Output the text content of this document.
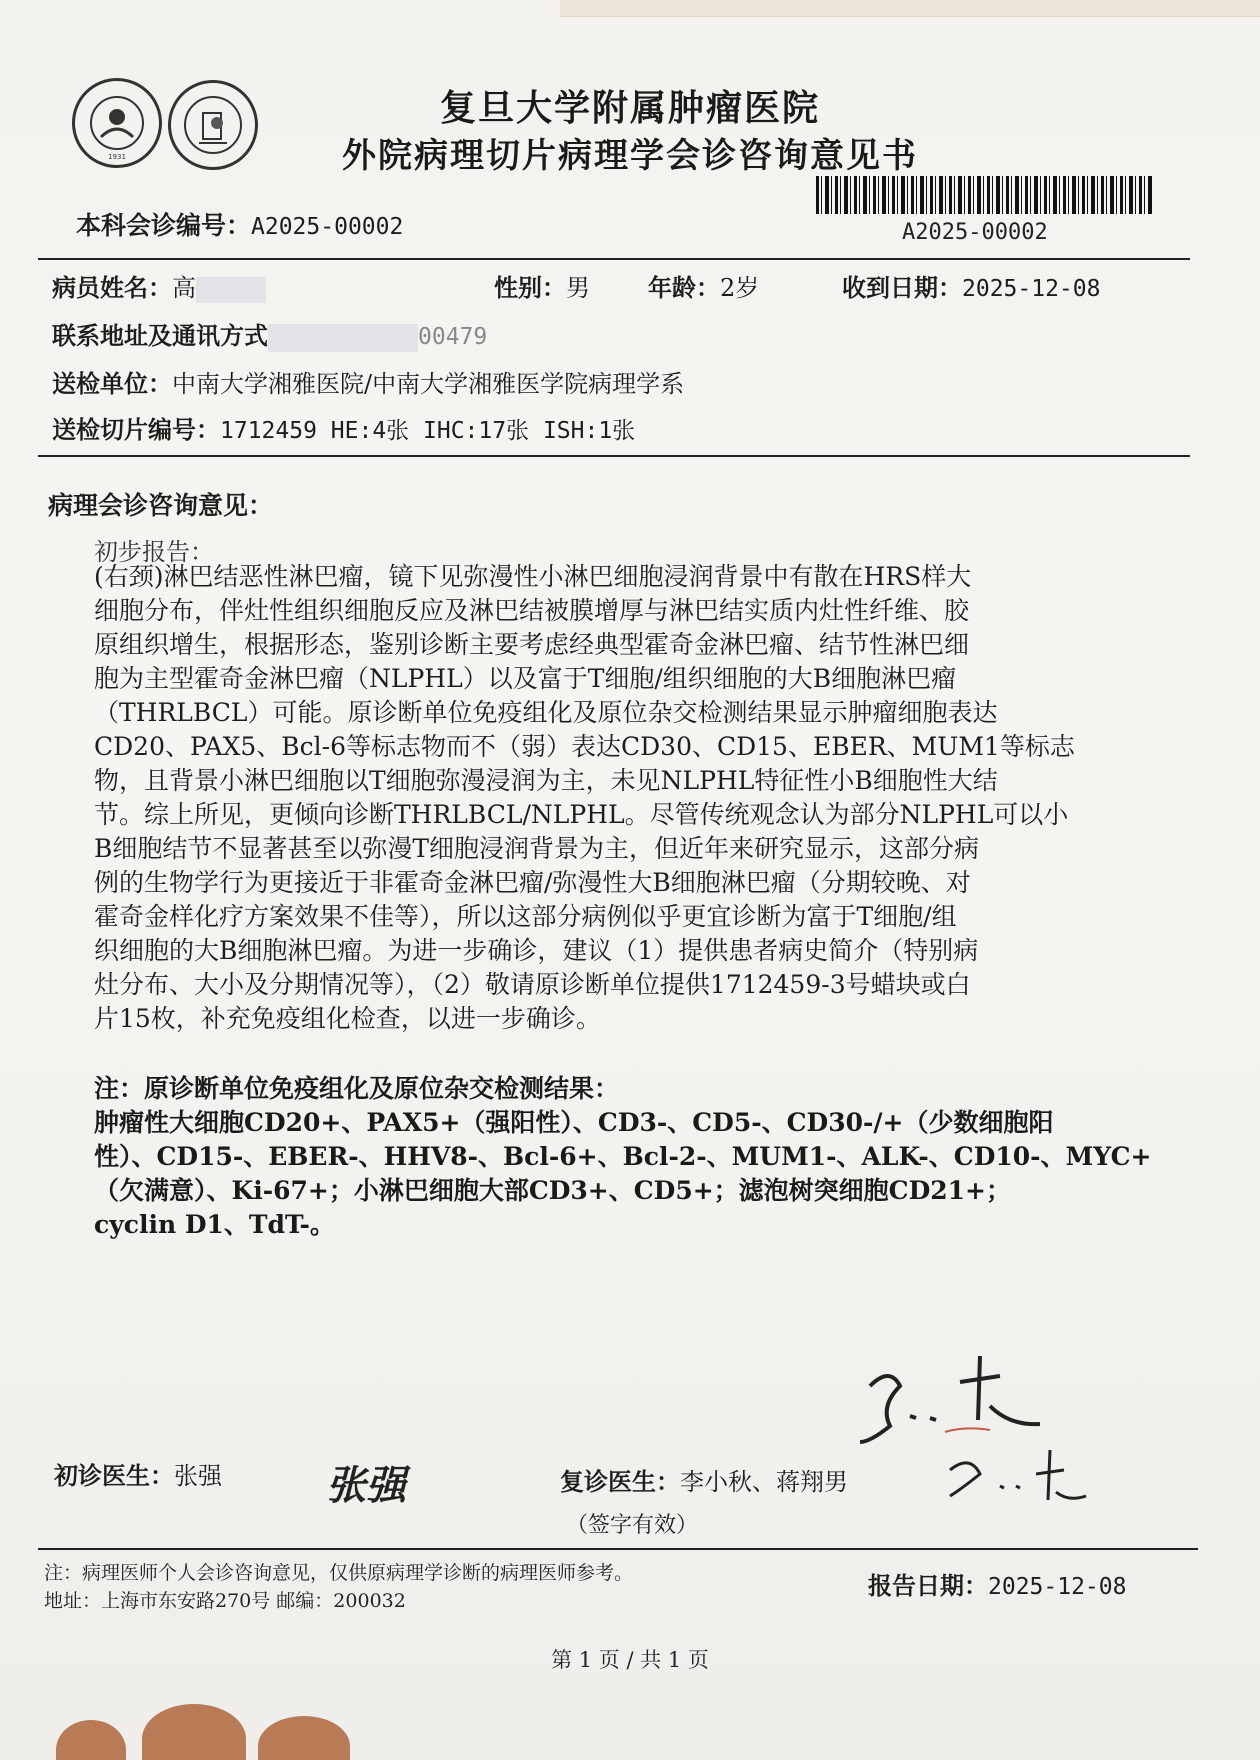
1931
复旦大学附属肿瘤医院
外院病理切片病理学会诊咨询意见书
本科会诊编号：A2025-00002	A2025-00002
病员姓名：高	性别：男 年龄：2岁	收到日期：2025-12-08
联系地址及通讯方式	00479
送检单位：中南大学湘雅医院/中南大学湘雅医学院病理学系
送检切片编号：1712459 HE:4张 IHC:17张 ISH:1张
病理会诊咨询意见：
初步报告：
(右颈)淋巴结恶性淋巴瘤，镜下见弥漫性小淋巴细胞浸润背景中有散在HRS样大
细胞分布，伴灶性组织细胞反应及淋巴结被膜增厚与淋巴结实质内灶性纤维、胶
原组织增生，根据形态，鉴别诊断主要考虑经典型霍奇金淋巴瘤、结节性淋巴细
胞为主型霍奇金淋巴瘤（NLPHL）以及富于T细胞/组织细胞的大B细胞淋巴瘤
（THRLBCL）可能。原诊断单位免疫组化及原位杂交检测结果显示肿瘤细胞表达
CD20、PAX5、Bcl-6等标志物而不（弱）表达CD30、CD15、EBER、MUM1等标志
物，且背景小淋巴细胞以T细胞弥漫浸润为主，未见NLPHL特征性小B细胞性大结
节。综上所见，更倾向诊断THRLBCL/NLPHL。尽管传统观念认为部分NLPHL可以小
B细胞结节不显著甚至以弥漫T细胞浸润背景为主，但近年来研究显示，这部分病
例的生物学行为更接近于非霍奇金淋巴瘤/弥漫性大B细胞淋巴瘤（分期较晚、对
霍奇金样化疗方案效果不佳等），所以这部分病例似乎更宜诊断为富于T细胞/组
织细胞的大B细胞淋巴瘤。为进一步确诊，建议（1）提供患者病史简介（特别病
灶分布、大小及分期情况等），（2）敬请原诊断单位提供1712459-3号蜡块或白
片15枚，补充免疫组化检查，以进一步确诊。
注：原诊断单位免疫组化及原位杂交检测结果：
肿瘤性大细胞CD20+、PAX5+（强阳性）、CD3-、CD5-、CD30-/+（少数细胞阳
性）、CD15-、EBER-、HHV8-、Bcl-6+、Bcl-2-、MUM1-、ALK-、CD10-、MYC+
（欠满意）、Ki-67+；小淋巴细胞大部CD3+、CD5+；滤泡树突细胞CD21+；
cyclin D1、TdT-。
初诊医生：张强	张强	复诊医生：李小秋、蒋翔男
（签字有效）
注：病理医师个人会诊咨询意见，仅供原病理学诊断的病理医师参考。
地址：上海市东安路270号 邮编：200032
报告日期：2025-12-08
第 1 页 / 共 1 页
